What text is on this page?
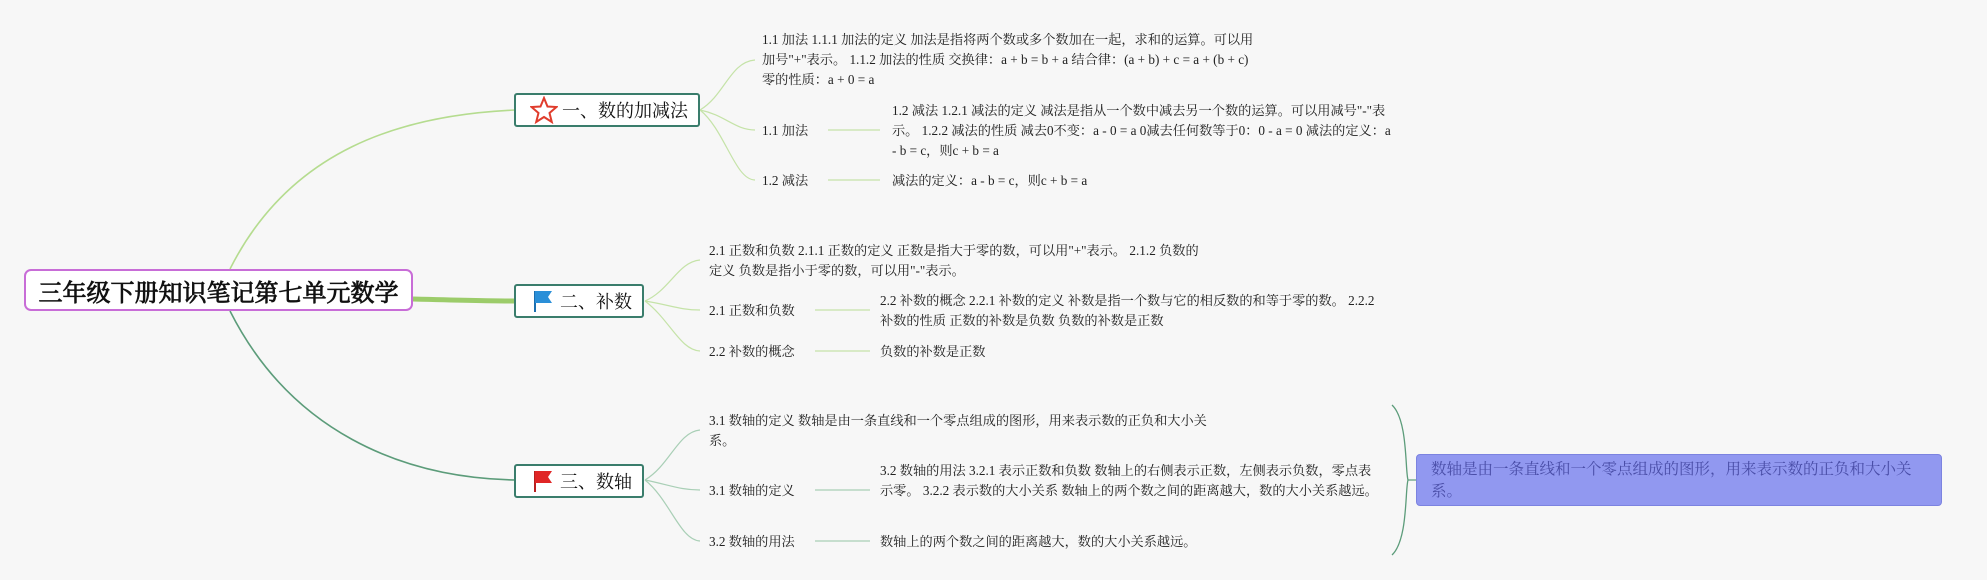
三年级下册知识笔记第七单元数学
一、数的加减法
二、补数
三、数轴
1.1 加法 1.1.1 加法的定义 加法是指将两个数或多个数加在一起，求和的运算。可以用加号"+"表示。 1.1.2 加法的性质 交换律：a + b = b + a 结合律：(a + b) + c = a + (b + c) 零的性质：a + 0 = a
1.1 加法
1.2 减法 1.2.1 减法的定义 减法是指从一个数中减去另一个数的运算。可以用减号"-"表示。 1.2.2 减法的性质 减去0不变：a - 0 = a 0减去任何数等于0：0 - a = 0 减法的定义：a - b = c，则c + b = a
1.2 减法	减法的定义：a - b = c，则c + b = a
2.1 正数和负数 2.1.1 正数的定义 正数是指大于零的数，可以用"+"表示。 2.1.2 负数的定义 负数是指小于零的数，可以用"-"表示。
2.1 正数和负数
2.2 补数的概念 2.2.1 补数的定义 补数是指一个数与它的相反数的和等于零的数。 2.2.2 补数的性质 正数的补数是负数 负数的补数是正数
2.2 补数的概念	负数的补数是正数
3.1 数轴的定义 数轴是由一条直线和一个零点组成的图形，用来表示数的正负和大小关系。
3.1 数轴的定义
3.2 数轴的用法 3.2.1 表示正数和负数 数轴上的右侧表示正数，左侧表示负数，零点表示零。 3.2.2 表示数的大小关系 数轴上的两个数之间的距离越大，数的大小关系越远。
3.2 数轴的用法	数轴上的两个数之间的距离越大，数的大小关系越远。
数轴是由一条直线和一个零点组成的图形，用来表示数的正负和大小关系。
